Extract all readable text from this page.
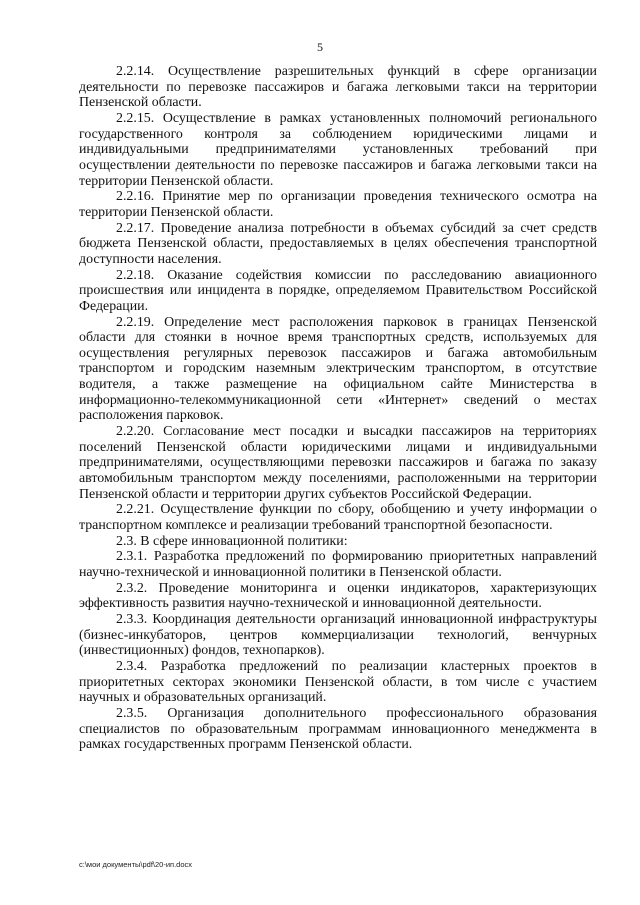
5

2.2.14. Осуществление разрешительных функций в сфере организации деятельности по перевозке пассажиров и багажа легковыми такси на территории Пензенской области.

2.2.15. Осуществление в рамках установленных полномочий регионального государственного контроля за соблюдением юридическими лицами и индивидуальными предпринимателями установленных требований при осуществлении деятельности по перевозке пассажиров и багажа легковыми такси на территории Пензенской области.

2.2.16. Принятие мер по организации проведения технического осмотра на территории Пензенской области.

2.2.17. Проведение анализа потребности в объемах субсидий за счет средств бюджета Пензенской области, предоставляемых в целях обеспечения транспортной доступности населения.

2.2.18. Оказание содействия комиссии по расследованию авиационного происшествия или инцидента в порядке, определяемом Правительством Российской Федерации.

2.2.19. Определение мест расположения парковок в границах Пензенской области для стоянки в ночное время транспортных средств, используемых для осуществления регулярных перевозок пассажиров и багажа автомобильным транспортом и городским наземным электрическим транспортом, в отсутствие водителя, а также размещение на официальном сайте Министерства в информационно-телекоммуникационной сети «Интернет» сведений о местах расположения парковок.

2.2.20. Согласование мест посадки и высадки пассажиров на территориях поселений Пензенской области юридическими лицами и индивидуальными предпринимателями, осуществляющими перевозки пассажиров и багажа по заказу автомобильным транспортом между поселениями, расположенными на территории Пензенской области и территории других субъектов Российской Федерации.

2.2.21. Осуществление функции по сбору, обобщению и учету информации о транспортном комплексе и реализации требований транспортной безопасности.

2.3. В сфере инновационной политики:

2.3.1. Разработка предложений по формированию приоритетных направлений научно-технической и инновационной политики в Пензенской области.

2.3.2. Проведение мониторинга и оценки индикаторов, характеризующих эффективность развития научно-технической и инновационной деятельности.

2.3.3. Координация деятельности организаций инновационной инфраструктуры (бизнес-инкубаторов, центров коммерциализации технологий, венчурных (инвестиционных) фондов, технопарков).

2.3.4. Разработка предложений по реализации кластерных проектов в приоритетных секторах экономики Пензенской области, в том числе с участием научных и образовательных организаций.

2.3.5. Организация дополнительного профессионального образования специалистов по образовательным программам инновационного менеджмента в рамках государственных программ Пензенской области.

c:\мои документы\pdf\20-ип.docx
